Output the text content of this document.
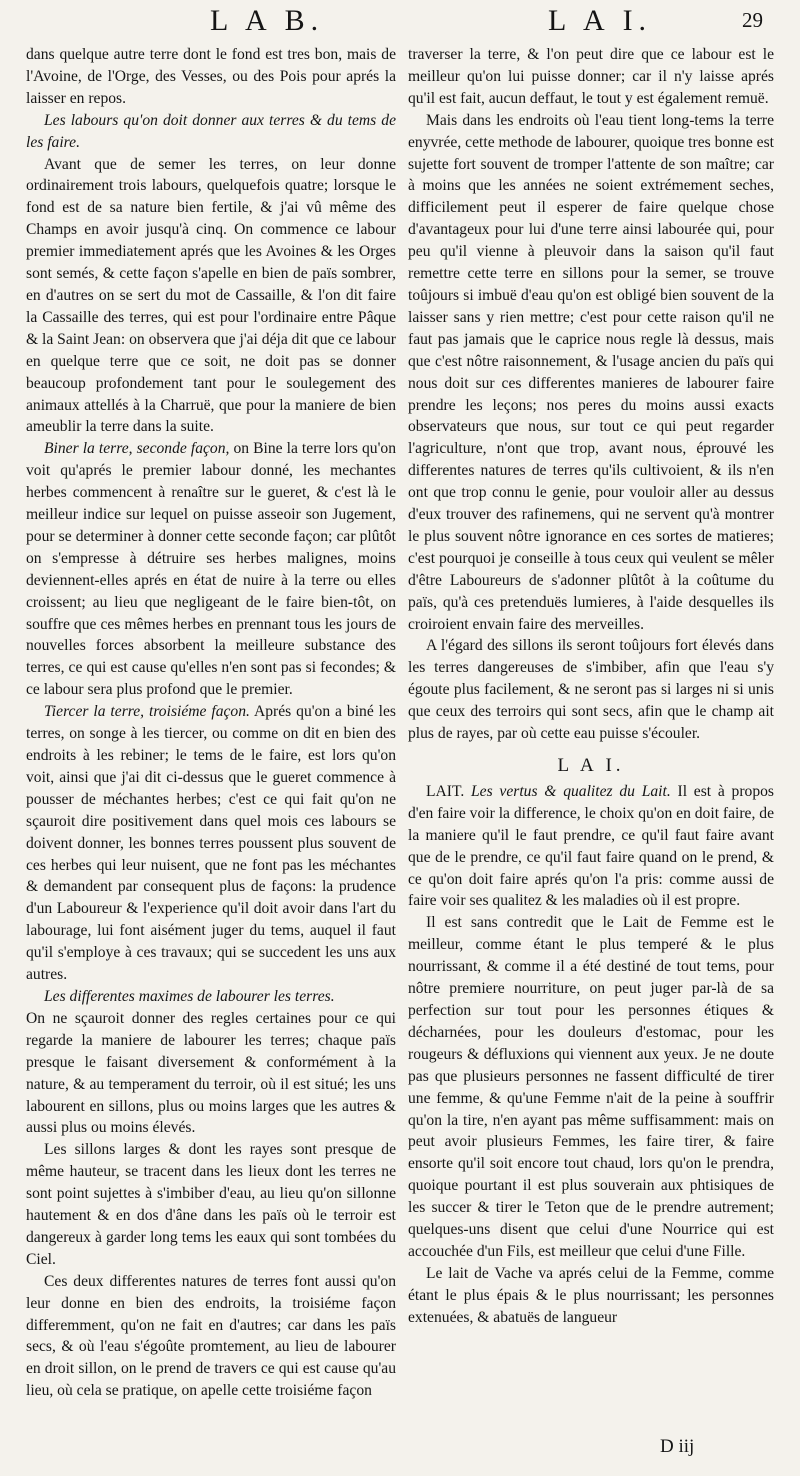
L A B.	L A I.	29

dans quelque autre terre dont le fond est tres bon, mais de l'Avoine, de l'Orge, des Vesses, ou des Pois pour aprés la laisser en repos.

Les labours qu'on doit donner aux terres & du tems de les faire.

Avant que de semer les terres, on leur donne ordinairement trois labours, quelquefois quatre; lorsque le fond est de sa nature bien fertile, & j'ai vû même des Champs en avoir jusqu'à cinq. On commence ce labour premier immediatement aprés que les Avoines & les Orges sont semés, & cette façon s'apelle en bien de païs sombrer, en d'autres on se sert du mot de Cassaille, & l'on dit faire la Cassaille des terres, qui est pour l'ordinaire entre Pâque & la Saint Jean: on observera que j'ai déja dit que ce labour en quelque terre que ce soit, ne doit pas se donner beaucoup profondement tant pour le soulegement des animaux attellés à la Charruë, que pour la maniere de bien ameublir la terre dans la suite.

Biner la terre, seconde façon, on Bine la terre lors qu'on voit qu'aprés le premier labour donné, les mechantes herbes commencent à renaître sur le gueret, & c'est là le meilleur indice sur lequel on puisse asseoir son Jugement, pour se determiner à donner cette seconde façon; car plûtôt on s'empresse à détruire ses herbes malignes, moins deviennent-elles aprés en état de nuire à la terre ou elles croissent; au lieu que negligeant de le faire bien-tôt, on souffre que ces mêmes herbes en prennant tous les jours de nouvelles forces absorbent la meilleure substance des terres, ce qui est cause qu'elles n'en sont pas si fecondes; & ce labour sera plus profond que le premier.

Tiercer la terre, troisiéme façon. Aprés qu'on a biné les terres, on songe à les tiercer, ou comme on dit en bien des endroits à les rebiner; le tems de le faire, est lors qu'on voit, ainsi que j'ai dit ci-dessus que le gueret commence à pousser de méchantes herbes; c'est ce qui fait qu'on ne sçauroit dire positivement dans quel mois ces labours se doivent donner, les bonnes terres poussent plus souvent de ces herbes qui leur nuisent, que ne font pas les méchantes & demandent par consequent plus de façons: la prudence d'un Laboureur & l'experience qu'il doit avoir dans l'art du labourage, lui font aisément juger du tems, auquel il faut qu'il s'employe à ces travaux; qui se succedent les uns aux autres.

Les differentes maximes de labourer les terres.

On ne sçauroit donner des regles certaines pour ce qui regarde la maniere de labourer les terres; chaque païs presque le faisant diversement & conformément à la nature, & au temperament du terroir, où il est situé; les uns labourent en sillons, plus ou moins larges que les autres & aussi plus ou moins élevés.

Les sillons larges & dont les rayes sont presque de même hauteur, se tracent dans les lieux dont les terres ne sont point sujettes à s'imbiber d'eau, au lieu qu'on sillonne hautement & en dos d'âne dans les païs où le terroir est dangereux à garder long tems les eaux qui sont tombées du Ciel.

Ces deux differentes natures de terres font aussi qu'on leur donne en bien des endroits, la troisiéme façon differemment, qu'on ne fait en d'autres; car dans les païs secs, & où l'eau s'égoûte promtement, au lieu de labourer en droit sillon, on le prend de travers ce qui est cause qu'au lieu, où cela se pratique, on apelle cette troisiéme façon

traverser la terre, & l'on peut dire que ce labour est le meilleur qu'on lui puisse donner; car il n'y laisse aprés qu'il est fait, aucun deffaut, le tout y est également remuë.

Mais dans les endroits où l'eau tient long-tems la terre enyvrée, cette methode de labourer, quoique tres bonne est sujette fort souvent de tromper l'attente de son maître; car à moins que les années ne soient extrémement seches, difficilement peut il esperer de faire quelque chose d'avantageux pour lui d'une terre ainsi labourée qui, pour peu qu'il vienne à pleuvoir dans la saison qu'il faut remettre cette terre en sillons pour la semer, se trouve toûjours si imbuë d'eau qu'on est obligé bien souvent de la laisser sans y rien mettre; c'est pour cette raison qu'il ne faut pas jamais que le caprice nous regle là dessus, mais que c'est nôtre raisonnement, & l'usage ancien du païs qui nous doit sur ces differentes manieres de labourer faire prendre les leçons; nos peres du moins aussi exacts observateurs que nous, sur tout ce qui peut regarder l'agriculture, n'ont que trop, avant nous, éprouvé les differentes natures de terres qu'ils cultivoient, & ils n'en ont que trop connu le genie, pour vouloir aller au dessus d'eux trouver des rafinemens, qui ne servent qu'à montrer le plus souvent nôtre ignorance en ces sortes de matieres; c'est pourquoi je conseille à tous ceux qui veulent se mêler d'être Laboureurs de s'adonner plûtôt à la coûtume du païs, qu'à ces pretenduës lumieres, à l'aide desquelles ils croiroient envain faire des merveilles.

A l'égard des sillons ils seront toûjours fort élevés dans les terres dangereuses de s'imbiber, afin que l'eau s'y égoute plus facilement, & ne seront pas si larges ni si unis que ceux des terroirs qui sont secs, afin que le champ ait plus de rayes, par où cette eau puisse s'écouler.

L A I.

LAIT. Les vertus & qualitez du Lait. Il est à propos d'en faire voir la difference, le choix qu'on en doit faire, de la maniere qu'il le faut prendre, ce qu'il faut faire avant que de le prendre, ce qu'il faut faire quand on le prend, & ce qu'on doit faire aprés qu'on l'a pris: comme aussi de faire voir ses qualitez & les maladies où il est propre.

Il est sans contredit que le Lait de Femme est le meilleur, comme étant le plus temperé & le plus nourrissant, & comme il a été destiné de tout tems, pour nôtre premiere nourriture, on peut juger par-là de sa perfection sur tout pour les personnes étiques & décharnées, pour les douleurs d'estomac, pour les rougeurs & défluxions qui viennent aux yeux. Je ne doute pas que plusieurs personnes ne fassent difficulté de tirer une femme, & qu'une Femme n'ait de la peine à souffrir qu'on la tire, n'en ayant pas même suffisamment: mais on peut avoir plusieurs Femmes, les faire tirer, & faire ensorte qu'il soit encore tout chaud, lors qu'on le prendra, quoique pourtant il est plus souverain aux phtisiques de les succer & tirer le Teton que de le prendre autrement; quelques-uns disent que celui d'une Nourrice qui est accouchée d'un Fils, est meilleur que celui d'une Fille.

Le lait de Vache va aprés celui de la Femme, comme étant le plus épais & le plus nourrissant; les personnes extenuées, & abatuës de langueur

D iij
